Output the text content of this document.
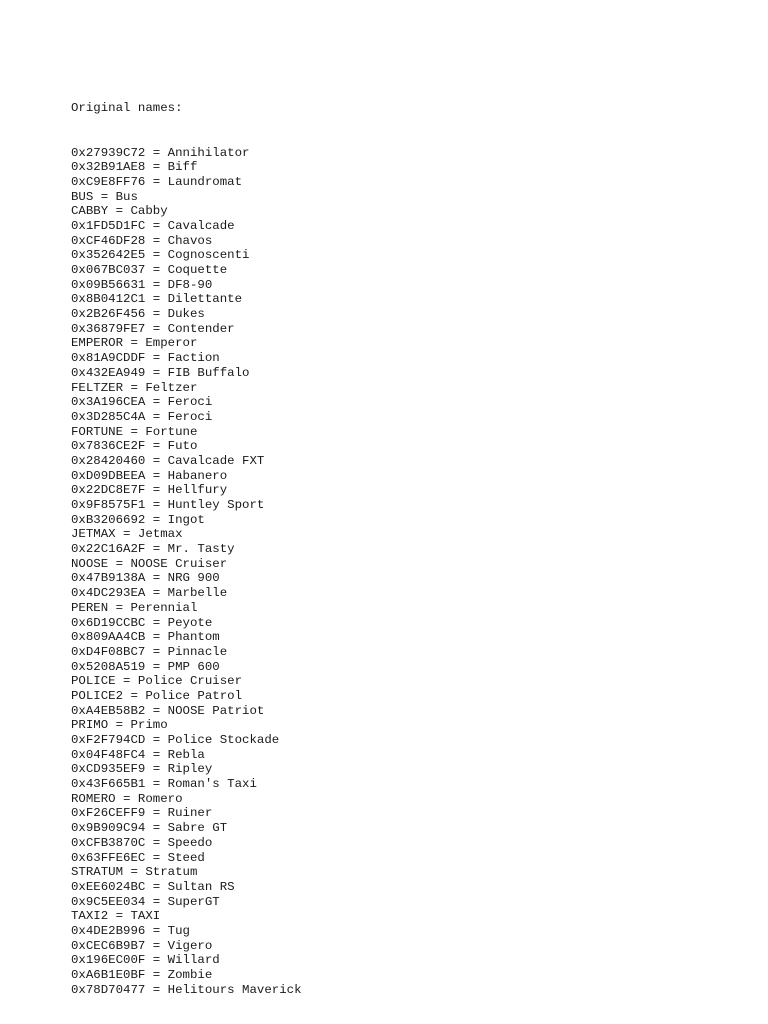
Original names:

0x27939C72 = Annihilator
0x32B91AE8 = Biff
0xC9E8FF76 = Laundromat
BUS = Bus
CABBY = Cabby
0x1FD5D1FC = Cavalcade
0xCF46DF28 = Chavos
0x352642E5 = Cognoscenti
0x067BC037 = Coquette
0x09B56631 = DF8-90
0x8B0412C1 = Dilettante
0x2B26F456 = Dukes
0x36879FE7 = Contender
EMPEROR = Emperor
0x81A9CDDF = Faction
0x432EA949 = FIB Buffalo
FELTZER = Feltzer
0x3A196CEA = Feroci
0x3D285C4A = Feroci
FORTUNE = Fortune
0x7836CE2F = Futo
0x28420460 = Cavalcade FXT
0xD09DBEEA = Habanero
0x22DC8E7F = Hellfury
0x9F8575F1 = Huntley Sport
0xB3206692 = Ingot
JETMAX = Jetmax
0x22C16A2F = Mr. Tasty
NOOSE = NOOSE Cruiser
0x47B9138A = NRG 900
0x4DC293EA = Marbelle
PEREN = Perennial
0x6D19CCBC = Peyote
0x809AA4CB = Phantom
0xD4F08BC7 = Pinnacle
0x5208A519 = PMP 600
POLICE = Police Cruiser
POLICE2 = Police Patrol
0xA4EB58B2 = NOOSE Patriot
PRIMO = Primo
0xF2F794CD = Police Stockade
0x04F48FC4 = Rebla
0xCD935EF9 = Ripley
0x43F665B1 = Roman's Taxi
ROMERO = Romero
0xF26CEFF9 = Ruiner
0x9B909C94 = Sabre GT
0xCFB3870C = Speedo
0x63FFE6EC = Steed
STRATUM = Stratum
0xEE6024BC = Sultan RS
0x9C5EE034 = SuperGT
TAXI2 = TAXI
0x4DE2B996 = Tug
0xCEC6B9B7 = Vigero
0x196EC00F = Willard
0xA6B1E0BF = Zombie
0x78D70477 = Helitours Maverick
